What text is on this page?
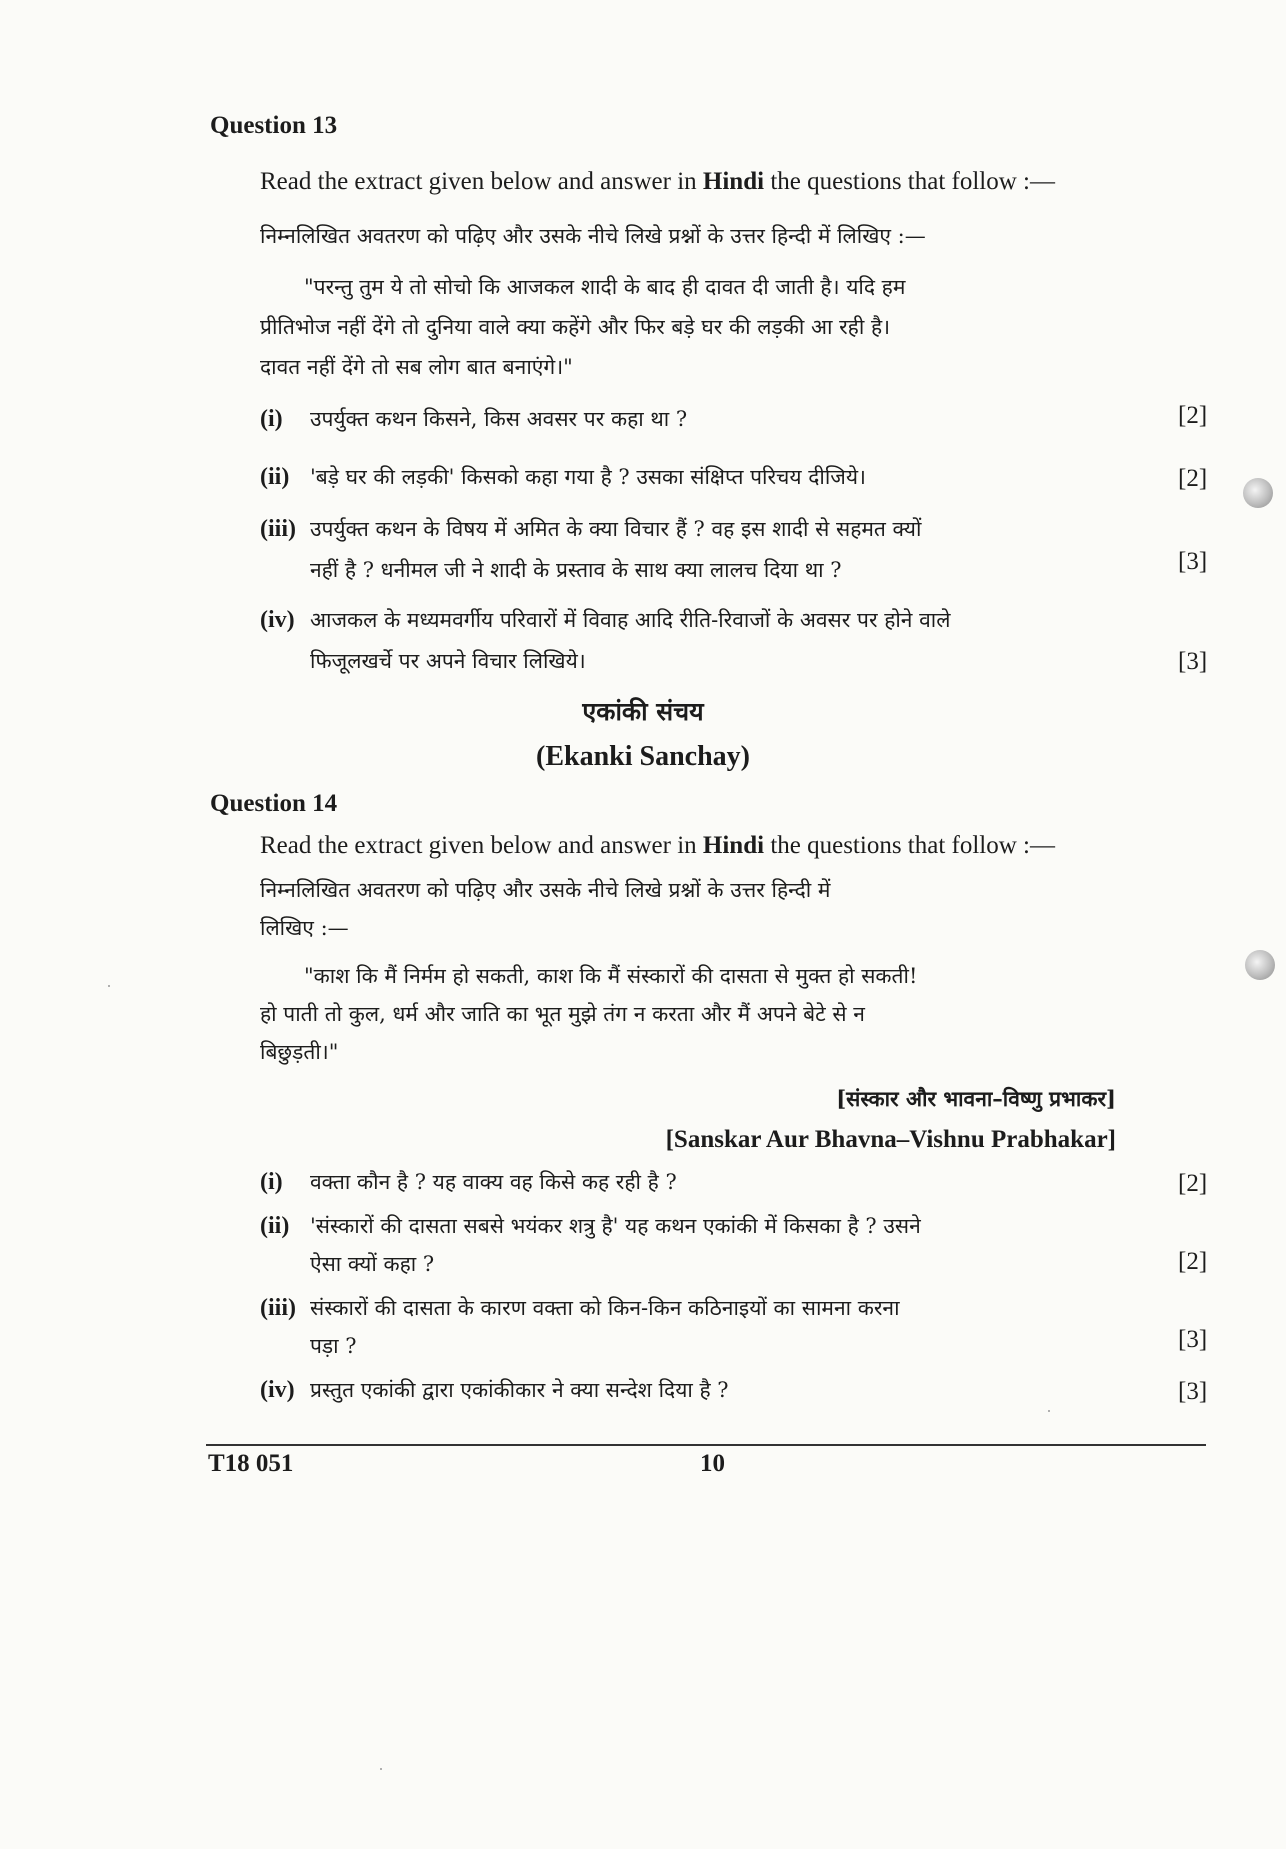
Question 13
Read the extract given below and answer in Hindi the questions that follow :—
निम्नलिखित अवतरण को पढ़िए और उसके नीचे लिखे प्रश्नों के उत्तर हिन्दी में लिखिए :—
"परन्तु तुम ये तो सोचो कि आजकल शादी के बाद ही दावत दी जाती है। यदि हम
प्रीतिभोज नहीं देंगे तो दुनिया वाले क्या कहेंगे और फिर बड़े घर की लड़की आ रही है।
दावत नहीं देंगे तो सब लोग बात बनाएंगे।"
(i) उपर्युक्त कथन किसने, किस अवसर पर कहा था ?	[2]
(ii) 'बड़े घर की लड़की' किसको कहा गया है ? उसका संक्षिप्त परिचय दीजिये।	[2]
(iii) उपर्युक्त कथन के विषय में अमित के क्या विचार हैं ? वह इस शादी से सहमत क्यों
नहीं है ? धनीमल जी ने शादी के प्रस्ताव के साथ क्या लालच दिया था ?	[3]
(iv) आजकल के मध्यमवर्गीय परिवारों में विवाह आदि रीति-रिवाजों के अवसर पर होने वाले
फिजूलखर्चे पर अपने विचार लिखिये।	[3]
एकांकी संचय
(Ekanki Sanchay)
Question 14
Read the extract given below and answer in Hindi the questions that follow :—
निम्नलिखित अवतरण को पढ़िए और उसके नीचे लिखे प्रश्नों के उत्तर हिन्दी में
लिखिए :—
"काश कि मैं निर्मम हो सकती, काश कि मैं संस्कारों की दासता से मुक्त हो सकती!
हो पाती तो कुल, धर्म और जाति का भूत मुझे तंग न करता और मैं अपने बेटे से न
बिछुड़ती।"
[संस्कार और भावना–विष्णु प्रभाकर]
[Sanskar Aur Bhavna–Vishnu Prabhakar]
(i) वक्ता कौन है ? यह वाक्य वह किसे कह रही है ?	[2]
(ii) 'संस्कारों की दासता सबसे भयंकर शत्रु है' यह कथन एकांकी में किसका है ? उसने
ऐसा क्यों कहा ?	[2]
(iii) संस्कारों की दासता के कारण वक्ता को किन-किन कठिनाइयों का सामना करना
पड़ा ?	[3]
(iv) प्रस्तुत एकांकी द्वारा एकांकीकार ने क्या सन्देश दिया है ?	[3]
T18 051	10
